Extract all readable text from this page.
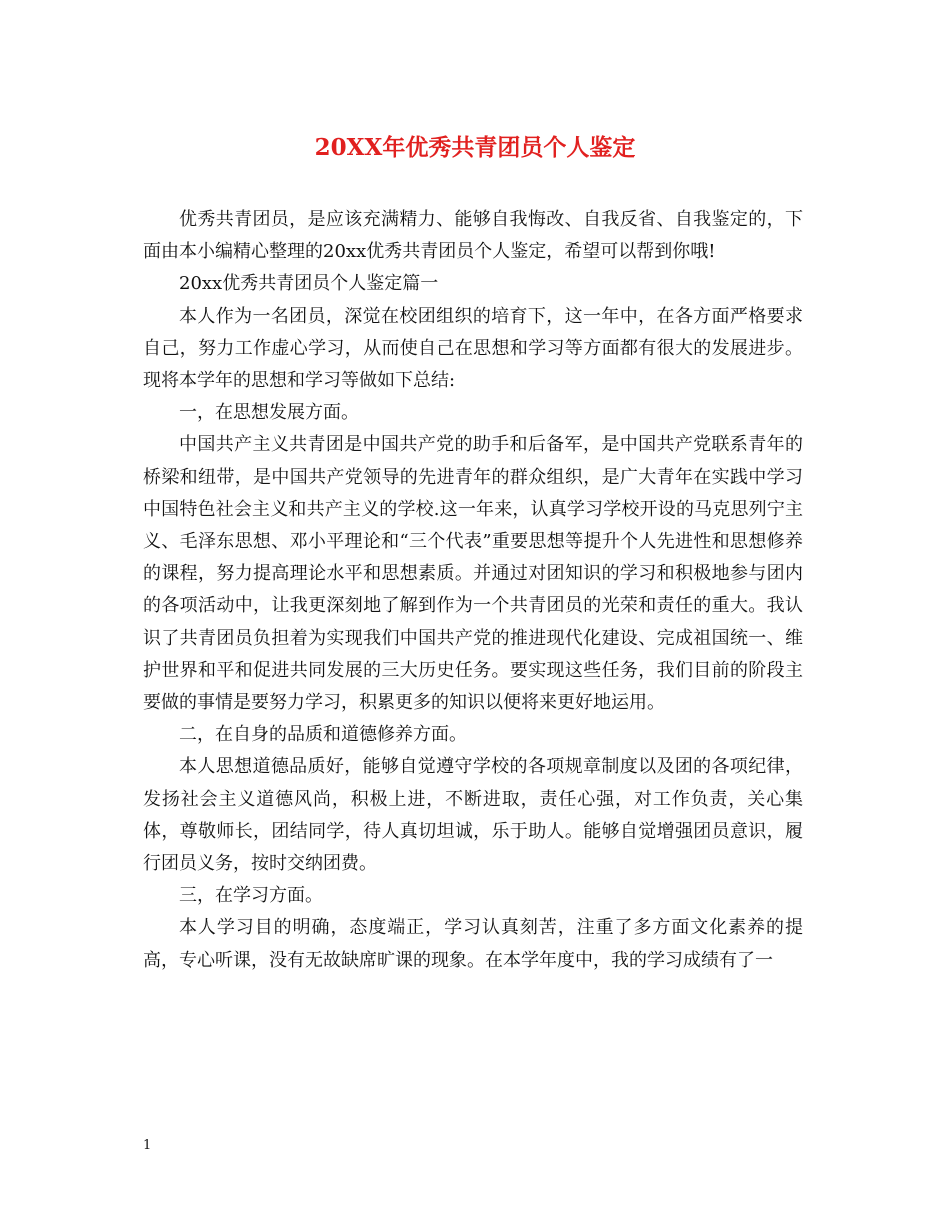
20XX年优秀共青团员个人鉴定

优秀共青团员，是应该充满精力、能够自我悔改、自我反省、自我鉴定的，下面由本小编精心整理的20xx优秀共青团员个人鉴定，希望可以帮到你哦!

20xx优秀共青团员个人鉴定篇一

本人作为一名团员，深觉在校团组织的培育下，这一年中，在各方面严格要求自己，努力工作虚心学习，从而使自己在思想和学习等方面都有很大的发展进步。现将本学年的思想和学习等做如下总结:

一，在思想发展方面。

中国共产主义共青团是中国共产党的助手和后备军，是中国共产党联系青年的桥梁和纽带，是中国共产党领导的先进青年的群众组织，是广大青年在实践中学习中国特色社会主义和共产主义的学校.这一年来，认真学习学校开设的马克思列宁主义、毛泽东思想、邓小平理论和“三个代表”重要思想等提升个人先进性和思想修养的课程，努力提高理论水平和思想素质。并通过对团知识的学习和积极地参与团内的各项活动中，让我更深刻地了解到作为一个共青团员的光荣和责任的重大。我认识了共青团员负担着为实现我们中国共产党的推进现代化建设、完成祖国统一、维护世界和平和促进共同发展的三大历史任务。要实现这些任务，我们目前的阶段主要做的事情是要努力学习，积累更多的知识以便将来更好地运用。

二，在自身的品质和道德修养方面。

本人思想道德品质好，能够自觉遵守学校的各项规章制度以及团的各项纪律，发扬社会主义道德风尚，积极上进，不断进取，责任心强，对工作负责，关心集体，尊敬师长，团结同学，待人真切坦诚，乐于助人。能够自觉增强团员意识，履行团员义务，按时交纳团费。

三，在学习方面。

本人学习目的明确，态度端正，学习认真刻苦，注重了多方面文化素养的提高，专心听课，没有无故缺席旷课的现象。在本学年度中，我的学习成绩有了一

1
